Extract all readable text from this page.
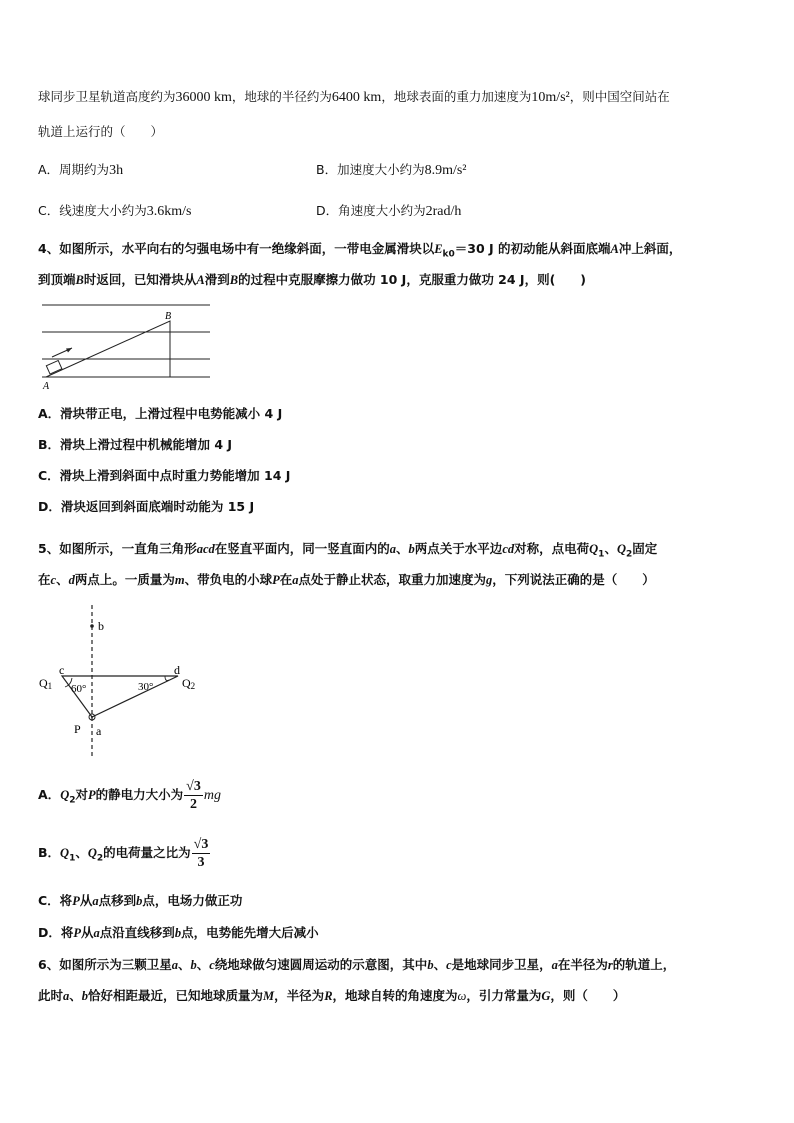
球同步卫星轨道高度约为36000 km，地球的半径约为6400 km，地球表面的重力加速度为10m/s²，则中国空间站在
轨道上运行的（　　）
A．周期约为3h	B．加速度大小约为8.9m/s²
C．线速度大小约为3.6km/s	D．角速度大小约为2rad/h
4、如图所示，水平向右的匀强电场中有一绝缘斜面，一带电金属滑块以$E_{k0}=30$ J 的初动能从斜面底端A冲上斜面，
到顶端B时返回，已知滑块从A滑到B的过程中克服摩擦力做功 10 J，克服重力做功 24 J，则(　　)
A
B
A．滑块带正电，上滑过程中电势能减小 4 J
B．滑块上滑过程中机械能增加 4 J
C．滑块上滑到斜面中点时重力势能增加 14 J
D．滑块返回到斜面底端时动能为 15 J
5、如图所示，一直角三角形acd在竖直平面内，同一竖直面内的a、b两点关于水平边cd对称，点电荷$Q_1$、$Q_2$固定
在c、d两点上。一质量为m、带负电的小球P在a点处于静止状态，取重力加速度为g，下列说法正确的是（　　）
b
c	d
Q1	Q2
60°	30°
P a
A．$Q_2$对P的静电力大小为 $\frac{√3}{2}$ mg
B．$Q_1$、$Q_2$的电荷量之比为 $\frac{√3}{3}$
C．将P从a点移到b点，电场力做正功
D．将P从a点沿直线移到b点，电势能先增大后减小
6、如图所示为三颗卫星a、b、c绕地球做匀速圆周运动的示意图，其中b、c是地球同步卫星，a在半径为r的轨道上，
此时a、b恰好相距最近，已知地球质量为M，半径为R，地球自转的角速度为ω，引力常量为G，则（　　）
